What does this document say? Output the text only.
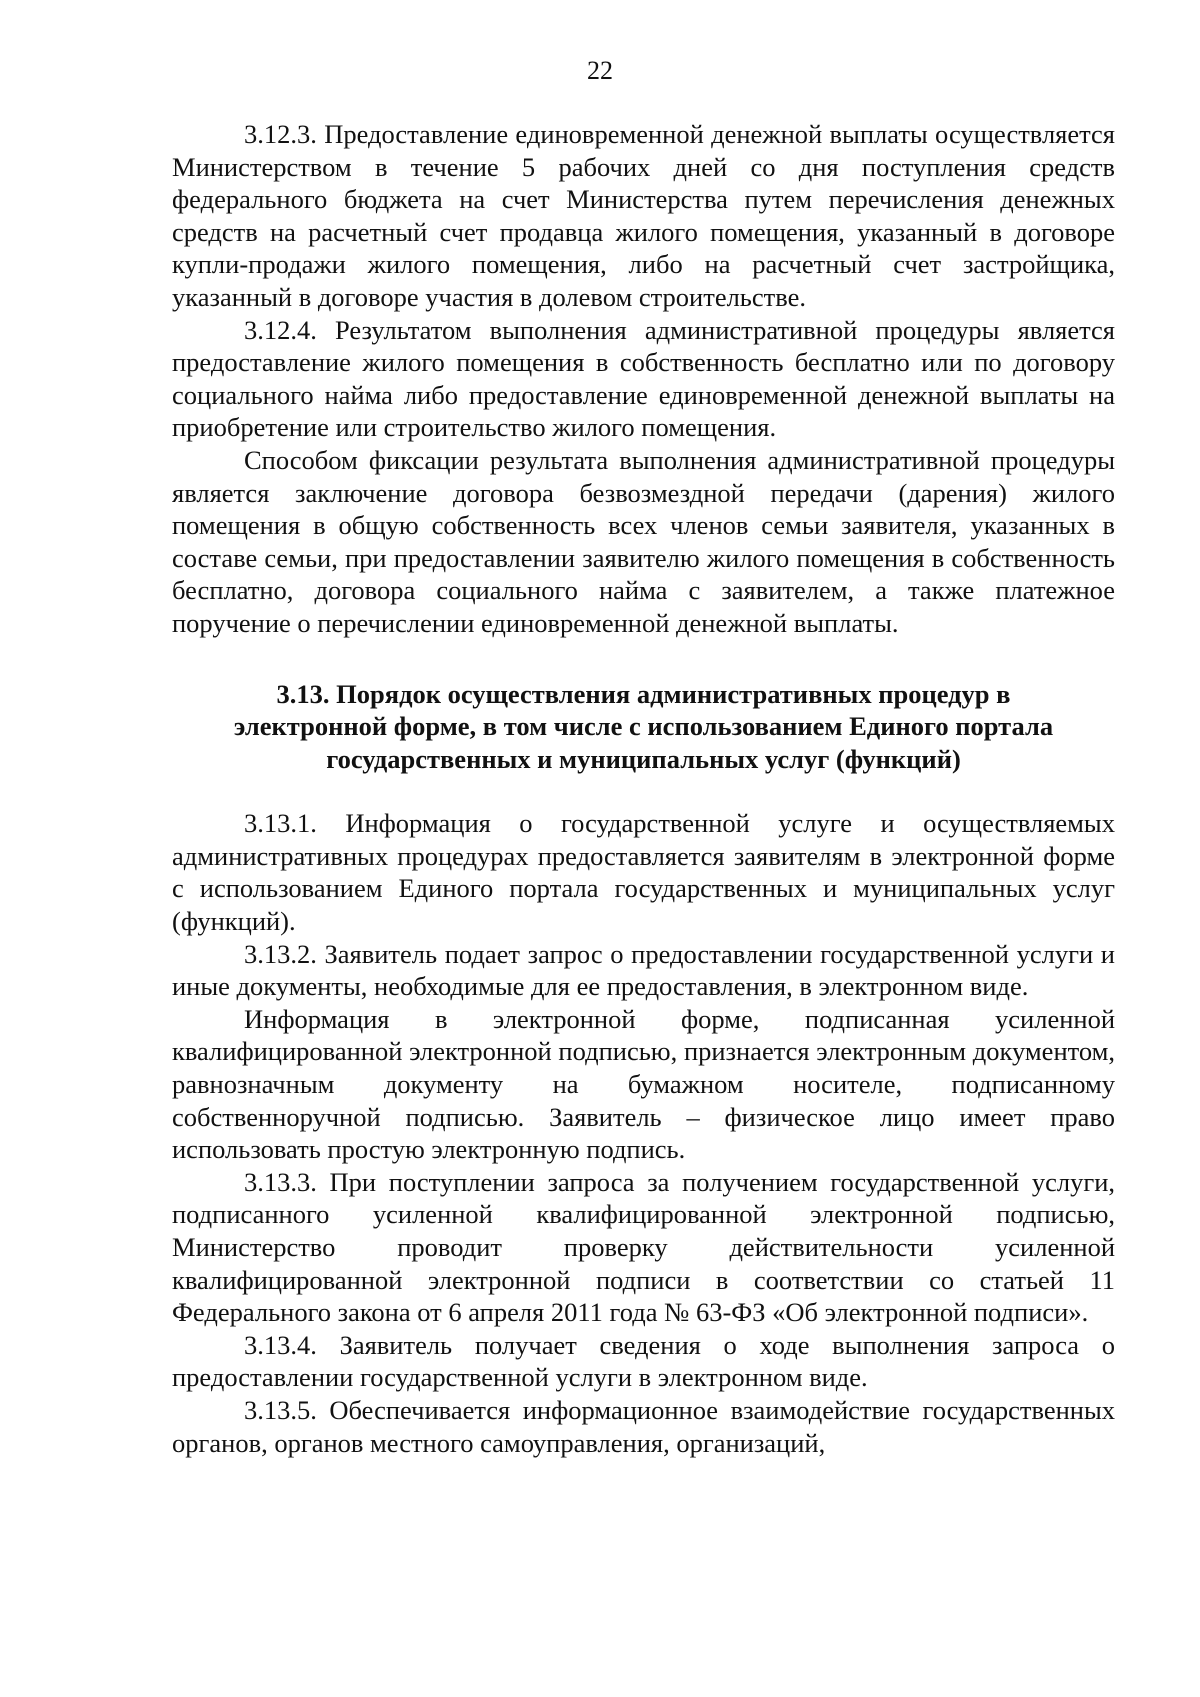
22

3.12.3. Предоставление единовременной денежной выплаты осуществляется Министерством в течение 5 рабочих дней со дня поступления средств федерального бюджета на счет Министерства путем перечисления денежных средств на расчетный счет продавца жилого помещения, указанный в договоре купли-продажи жилого помещения, либо на расчетный счет застройщика, указанный в договоре участия в долевом строительстве.

3.12.4. Результатом выполнения административной процедуры является предоставление жилого помещения в собственность бесплатно или по договору социального найма либо предоставление единовременной денежной выплаты на приобретение или строительство жилого помещения.

Способом фиксации результата выполнения административной процедуры является заключение договора безвозмездной передачи (дарения) жилого помещения в общую собственность всех членов семьи заявителя, указанных в составе семьи, при предоставлении заявителю жилого помещения в собственность бесплатно, договора социального найма с заявителем, а также платежное поручение о перечислении единовременной денежной выплаты.

3.13. Порядок осуществления административных процедур в электронной форме, в том числе с использованием Единого портала государственных и муниципальных услуг (функций)

3.13.1. Информация о государственной услуге и осуществляемых административных процедурах предоставляется заявителям в электронной форме с использованием Единого портала государственных и муниципальных услуг (функций).

3.13.2. Заявитель подает запрос о предоставлении государственной услуги и иные документы, необходимые для ее предоставления, в электронном виде.

Информация в электронной форме, подписанная усиленной квалифицированной электронной подписью, признается электронным документом, равнозначным документу на бумажном носителе, подписанному собственноручной подписью. Заявитель – физическое лицо имеет право использовать простую электронную подпись.

3.13.3. При поступлении запроса за получением государственной услуги, подписанного усиленной квалифицированной электронной подписью, Министерство проводит проверку действительности усиленной квалифицированной электронной подписи в соответствии со статьей 11 Федерального закона от 6 апреля 2011 года № 63-ФЗ «Об электронной подписи».

3.13.4. Заявитель получает сведения о ходе выполнения запроса о предоставлении государственной услуги в электронном виде.

3.13.5. Обеспечивается информационное взаимодействие государственных органов, органов местного самоуправления, организаций,
